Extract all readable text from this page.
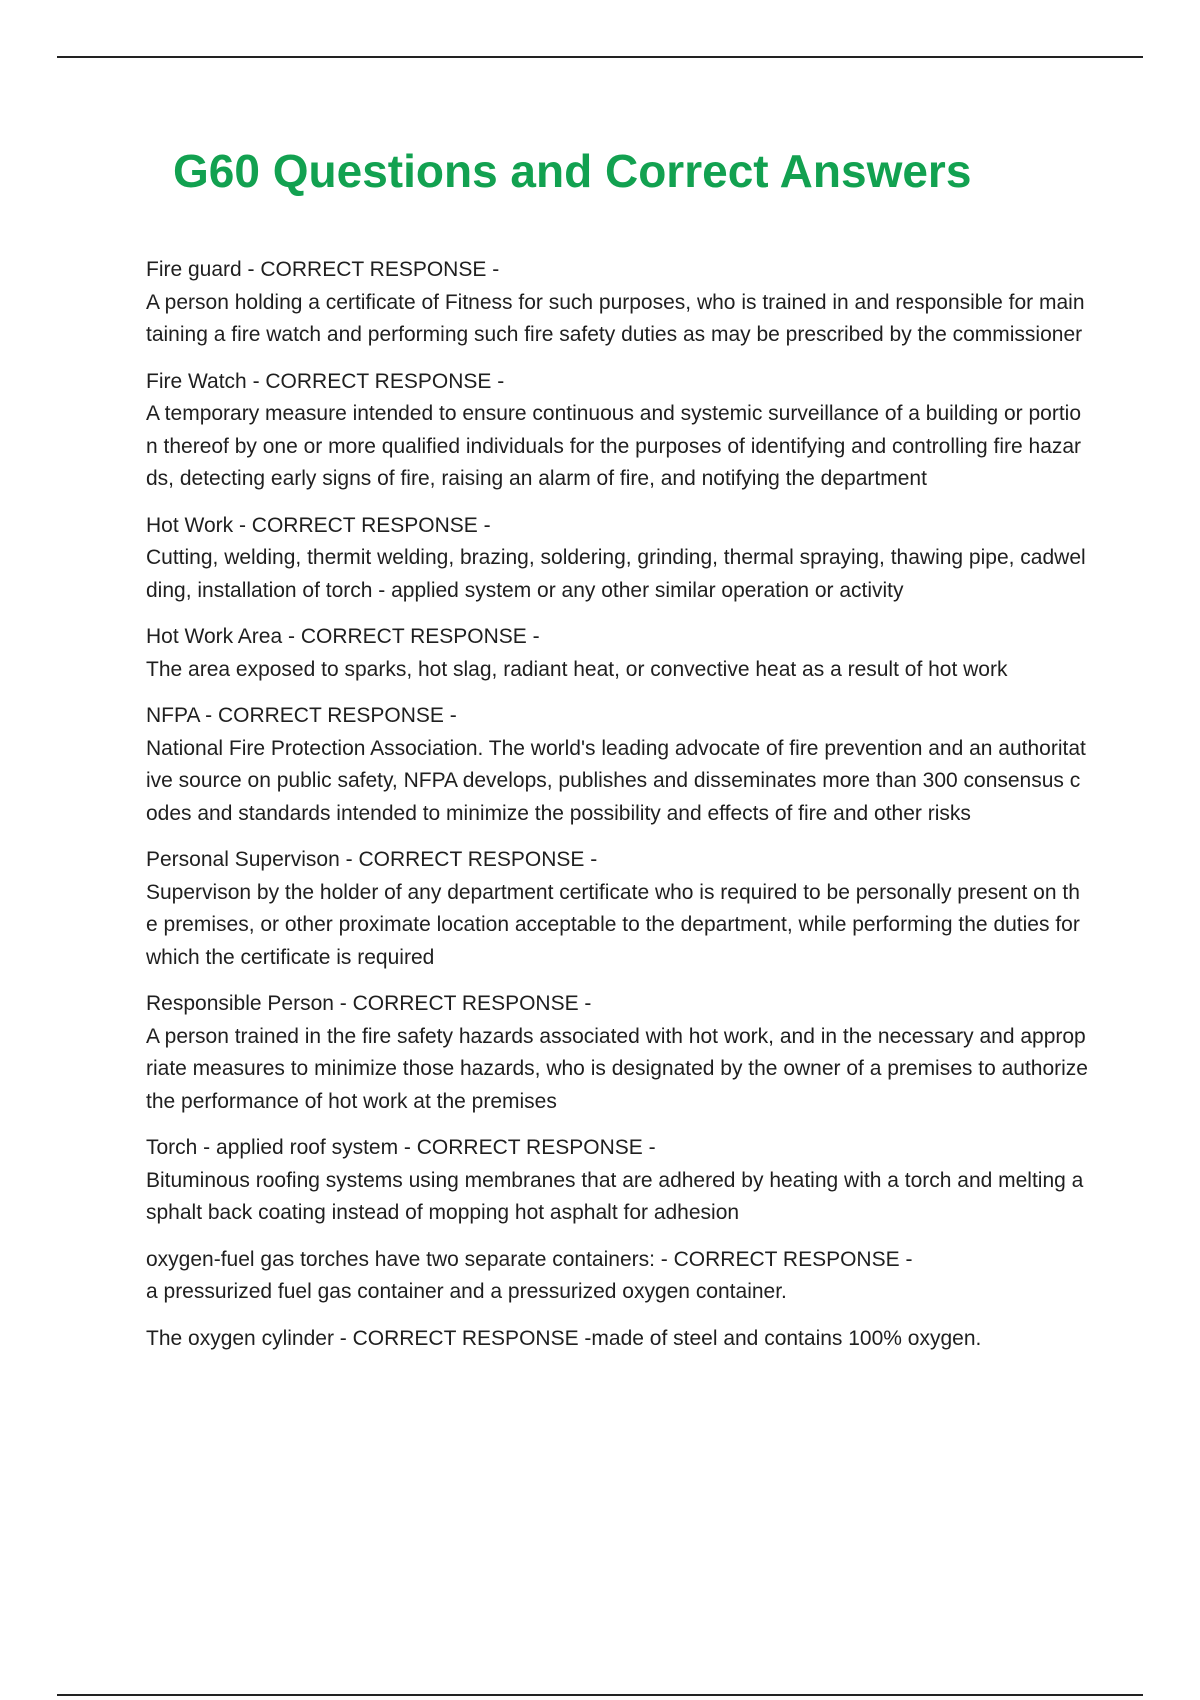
G60 Questions and Correct Answers
Fire guard - CORRECT RESPONSE -
A person holding a certificate of Fitness for such purposes, who is trained in and responsible for maintaining a fire watch and performing such fire safety duties as may be prescribed by the commissioner
Fire Watch - CORRECT RESPONSE -
A temporary measure intended to ensure continuous and systemic surveillance of a building or portion thereof by one or more qualified individuals for the purposes of identifying and controlling fire hazards, detecting early signs of fire, raising an alarm of fire, and notifying the department
Hot Work - CORRECT RESPONSE -
Cutting, welding, thermit welding, brazing, soldering, grinding, thermal spraying, thawing pipe, cadwelding, installation of torch - applied system or any other similar operation or activity
Hot Work Area - CORRECT RESPONSE -
The area exposed to sparks, hot slag, radiant heat, or convective heat as a result of hot work
NFPA - CORRECT RESPONSE -
National Fire Protection Association. The world's leading advocate of fire prevention and an authoritative source on public safety, NFPA develops, publishes and disseminates more than 300 consensus codes and standards intended to minimize the possibility and effects of fire and other risks
Personal Supervison - CORRECT RESPONSE -
Supervison by the holder of any department certificate who is required to be personally present on the premises, or other proximate location acceptable to the department, while performing the duties for which the certificate is required
Responsible Person - CORRECT RESPONSE -
A person trained in the fire safety hazards associated with hot work, and in the necessary and appropriate measures to minimize those hazards, who is designated by the owner of a premises to authorize the performance of hot work at the premises
Torch - applied roof system - CORRECT RESPONSE -
Bituminous roofing systems using membranes that are adhered by heating with a torch and melting asphalt back coating instead of mopping hot asphalt for adhesion
oxygen-fuel gas torches have two separate containers: - CORRECT RESPONSE -
a pressurized fuel gas container and a pressurized oxygen container.
The oxygen cylinder - CORRECT RESPONSE -made of steel and contains 100% oxygen.
